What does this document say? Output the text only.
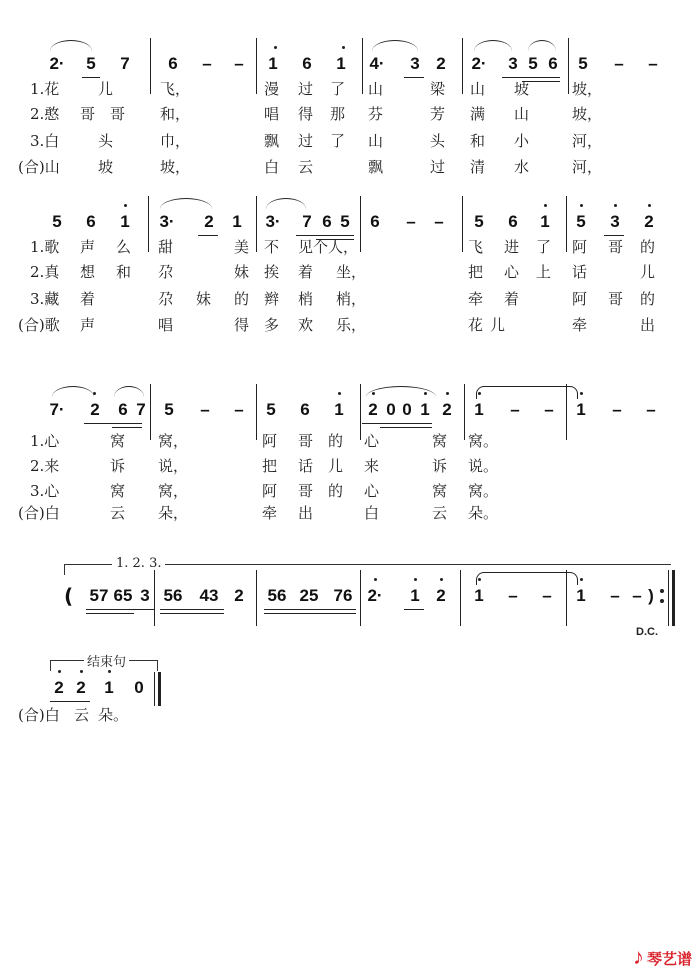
2·	5	7	6	–	–	1	6	1	4·	3 2	2·	3 5 6	5	–	–
1.花	儿	飞，	漫 过 了 山	梁 山 坡	坡，
2.憨 哥 哥 和，	唱 得 那 芬	芳 满 山	坡，
3.白	头	巾，	飘 过 了 山	头 和 小	河，
(合)山	坡	坡，	白 云	飘	过 清 水	河，
5	6	1	3·	2	1	3·	7 6 5	6	–	–	5	6	1	5	3	2
1.歌 声 么 甜	美 不 见个人，	飞 进 了 阿 哥 的
2.真 想 和 尕	妹 挨 着 坐，	把 心 上 话	儿
3.藏 着	尕 妹 的 辫 梢 梢，	牵 着	阿 哥 的
(合)歌 声	唱	得 多 欢 乐，	花 儿	牵	出
7·	2	6 7	5	–	–	5	6	1	2 0 0 1 2	1	–	–	1	–	–
1.心	窝 窝，	阿 哥 的 心	窝 窝。
2.来	诉 说，	把 话 儿 来	诉 说。
3.心	窝 窝，	阿 哥 的 心	窝 窝。
(合)白	云 朵，	牵 出	白	云 朵。
1. 2. 3.
( 57 65 3 56 43 2	56 25 76 2·	1 2	1	–	–	1	– – )
D.C.
结束句
2 2	1	0
(合)白 云 朵。
♪ 琴艺谱
